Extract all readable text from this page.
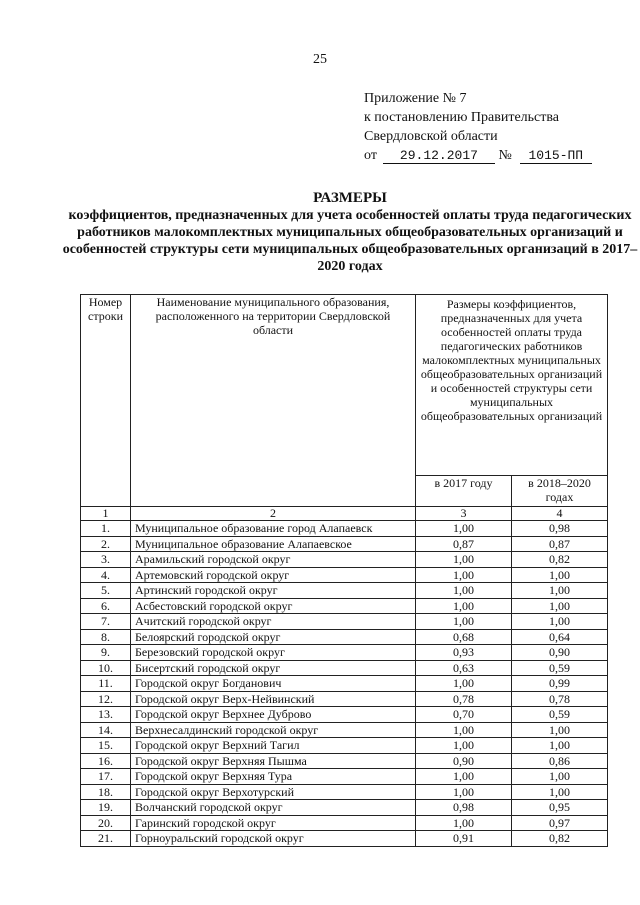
25
Приложение № 7
к постановлению Правительства
Свердловской области
от 29.12.2017 № 1015-ПП
РАЗМЕРЫ
коэффициентов, предназначенных для учета особенностей оплаты труда педагогических работников малокомплектных муниципальных общеобразовательных организаций и особенностей структуры сети муниципальных общеобразовательных организаций в 2017–2020 годах
Номер строки	Наименование муниципального образования, расположенного на территории Свердловской области	Размеры коэффициентов, предназначенных для учета особенностей оплаты труда педагогических работников малокомплектных муниципальных общеобразовательных организаций и особенностей структуры сети муниципальных общеобразовательных организаций	
		в 2017 году	в 2018–2020 годах
1	2	3	4
1.	Муниципальное образование город Алапаевск	1,00	0,98
2.	Муниципальное образование Алапаевское	0,87	0,87
3.	Арамильский городской округ	1,00	0,82
4.	Артемовский городской округ	1,00	1,00
5.	Артинский городской округ	1,00	1,00
6.	Асбестовский городской округ	1,00	1,00
7.	Ачитский городской округ	1,00	1,00
8.	Белоярский городской округ	0,68	0,64
9.	Березовский городской округ	0,93	0,90
10.	Бисертский городской округ	0,63	0,59
11.	Городской округ Богданович	1,00	0,99
12.	Городской округ Верх-Нейвинский	0,78	0,78
13.	Городской округ Верхнее Дуброво	0,70	0,59
14.	Верхнесалдинский городской округ	1,00	1,00
15.	Городской округ Верхний Тагил	1,00	1,00
16.	Городской округ Верхняя Пышма	0,90	0,86
17.	Городской округ Верхняя Тура	1,00	1,00
18.	Городской округ Верхотурский	1,00	1,00
19.	Волчанский городской округ	0,98	0,95
20.	Гаринский городской округ	1,00	0,97
21.	Горноуральский городской округ	0,91	0,82
